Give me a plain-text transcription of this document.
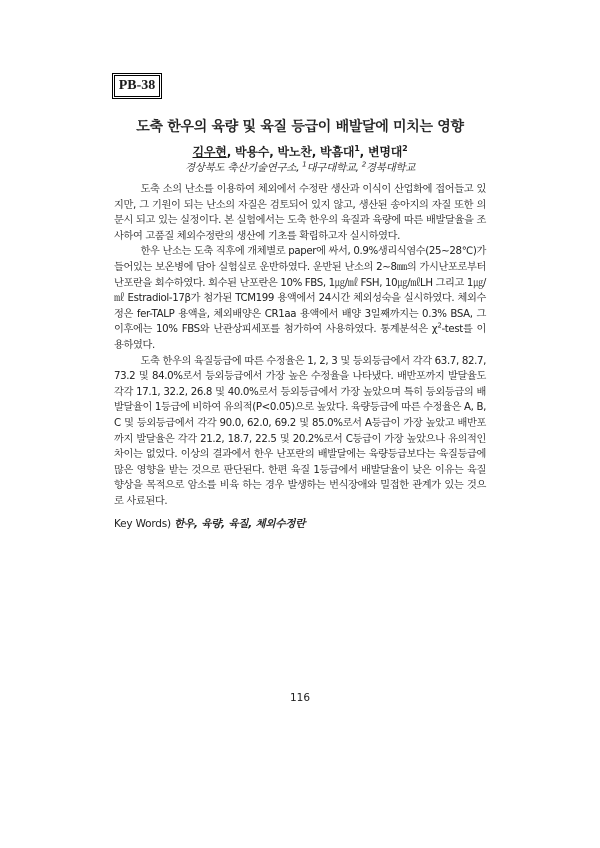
PB-38
도축 한우의 육량 및 육질 등급이 배발달에 미치는 영향
김우현, 박용수, 박노찬, 박흠대$^1$, 변명대$^2$
경상북도 축산기술연구소, $^1$대구대학교, $^2$경북대학교

도축 소의 난소를 이용하여 체외에서 수정란 생산과 이식이 산업화에 접어들고 있지만, 그 기원이 되는 난소의 자질은 검토되어 있지 않고, 생산된 송아지의 자질 또한 의문시 되고 있는 실정이다. 본 실험에서는 도축 한우의 육질과 육량에 따른 배발달율을 조사하여 고품질 체외수정란의 생산에 기초를 확립하고자 실시하였다.

한우 난소는 도축 직후에 개체별로 paper에 싸서, 0.9%생리식염수(25~28℃)가 들어있는 보온병에 담아 실험실로 운반하였다. 운반된 난소의 2~8㎜의 가시난포로부터 난포란을 회수하였다. 회수된 난포란은 10% FBS, 1㎍/㎖ FSH, 10㎍/㎖LH 그리고 1㎍/㎖ Estradiol-17β가 첨가된 TCM199 용액에서 24시간 체외성숙을 실시하였다. 체외수정은 fer-TALP 용액을, 체외배양은 CR1aa 용액에서 배양 3일째까지는 0.3% BSA, 그 이후에는 10% FBS와 난관상피세포를 첨가하여 사용하였다. 통계분석은 $\chi^2$-test를 이용하였다.

도축 한우의 육질등급에 따른 수정율은 1, 2, 3 및 등외등급에서 각각 63.7, 82.7, 73.2 및 84.0%로서 등외등급에서 가장 높은 수정율을 나타냈다. 배반포까지 발달율도 각각 17.1, 32.2, 26.8 및 40.0%로서 등외등급에서 가장 높았으며 특히 등외등급의 배발달율이 1등급에 비하여 유의적(P<0.05)으로 높았다. 육량등급에 따른 수정율은 A, B, C 및 등외등급에서 각각 90.0, 62.0, 69.2 및 85.0%로서 A등급이 가장 높았고 배반포까지 발달율은 각각 21.2, 18.7, 22.5 및 20.2%로서 C등급이 가장 높았으나 유의적인 차이는 없었다. 이상의 결과에서 한우 난포란의 배발달에는 육량등급보다는 육질등급에 많은 영향을 받는 것으로 판단된다. 한편 육질 1등급에서 배발달율이 낮은 이유는 육질 향상을 목적으로 암소를 비육 하는 경우 발생하는 번식장애와 밀접한 관계가 있는 것으로 사료된다.

Key Words) 한우, 육량, 육질, 체외수정란
116
